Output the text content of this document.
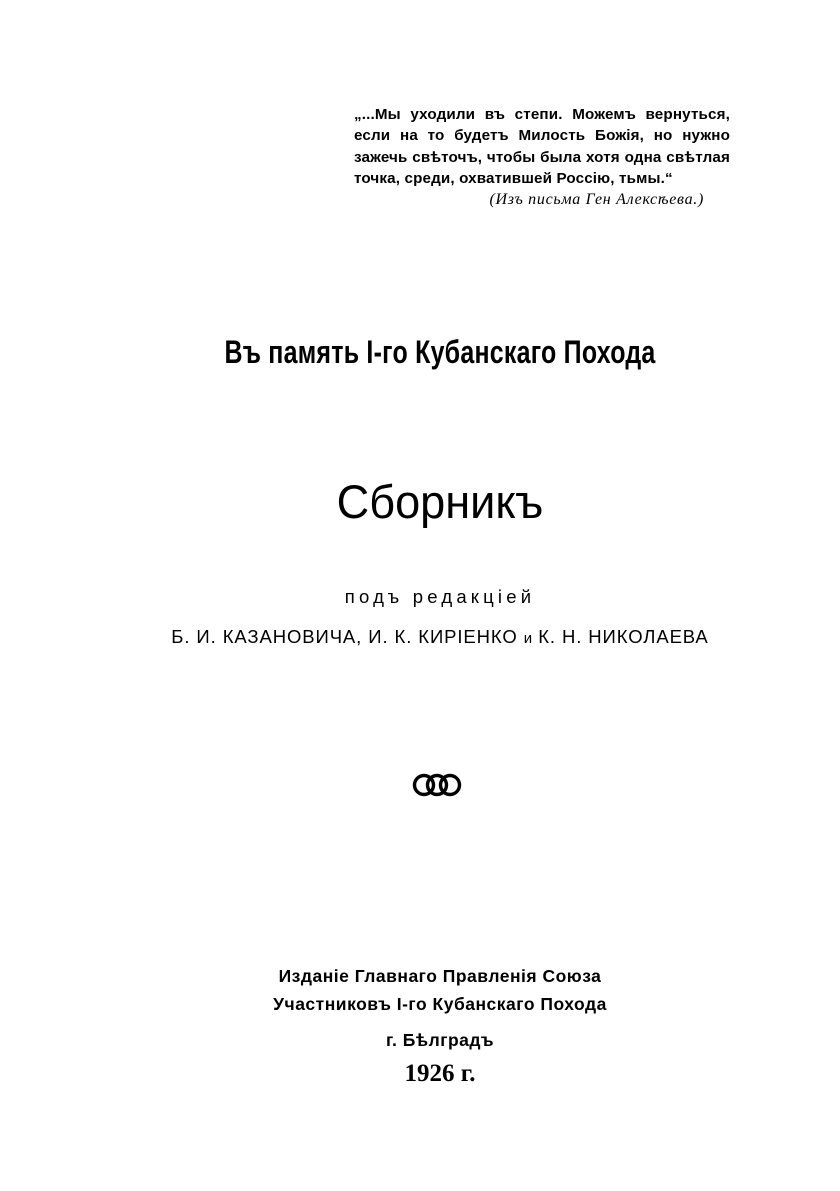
„...Мы уходили въ степи. Можемъ вернуться, если на то будетъ Милость Божія, но нужно зажечь свѣточъ, чтобы была хотя одна свѣтлая точка, среди, охватившей Россію, тьмы.“

(Изъ письма Ген Алексѣева.)
Въ память I-го Кубанскаго Похода
Сборникъ
подъ редакціей
Б. И. КАЗАНОВИЧА, И. К. КИРІЕНКО и К. Н. НИКОЛАЕВА
Изданіе Главнаго Правленія Союза
Участниковъ I-го Кубанскаго Похода
г. Бѣлградъ
1926 г.
